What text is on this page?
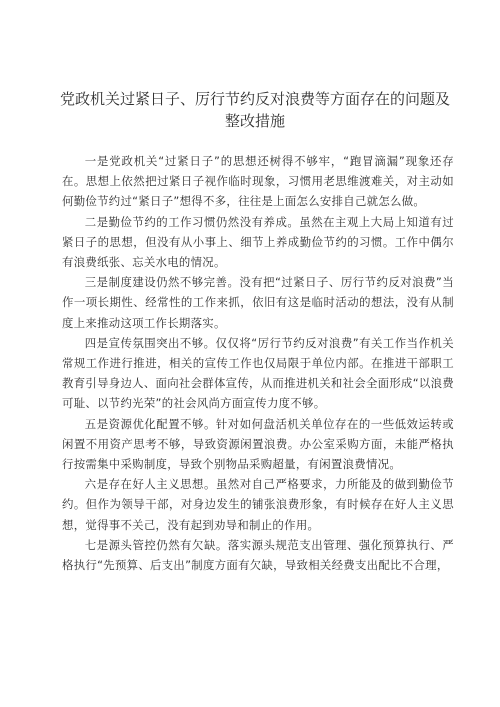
党政机关过紧日子、厉行节约反对浪费等方面存在的问题及整改措施

一是党政机关“过紧日子”的思想还树得不够牢，“跑冒滴漏”现象还存在。思想上依然把过紧日子视作临时现象，习惯用老思维渡难关，对主动如何勤俭节约过“紧日子”想得不多，往往是上面怎么安排自己就怎么做。

二是勤俭节约的工作习惯仍然没有养成。虽然在主观上大局上知道有过紧日子的思想，但没有从小事上、细节上养成勤俭节约的习惯。工作中偶尔有浪费纸张、忘关水电的情况。

三是制度建设仍然不够完善。没有把“过紧日子、厉行节约反对浪费”当作一项长期性、经常性的工作来抓，依旧有这是临时活动的想法，没有从制度上来推动这项工作长期落实。

四是宣传氛围突出不够。仅仅将“厉行节约反对浪费”有关工作当作机关常规工作进行推进，相关的宣传工作也仅局限于单位内部。在推进干部职工教育引导身边人、面向社会群体宣传，从而推进机关和社会全面形成“以浪费可耻、以节约光荣”的社会风尚方面宣传力度不够。

五是资源优化配置不够。针对如何盘活机关单位存在的一些低效运转或闲置不用资产思考不够，导致资源闲置浪费。办公室采购方面，未能严格执行按需集中采购制度，导致个别物品采购超量，有闲置浪费情况。

六是存在好人主义思想。虽然对自己严格要求，力所能及的做到勤俭节约。但作为领导干部，对身边发生的铺张浪费形象，有时候存在好人主义思想，觉得事不关己，没有起到劝导和制止的作用。

七是源头管控仍然有欠缺。落实源头规范支出管理、强化预算执行、严格执行“先预算、后支出”制度方面有欠缺，导致相关经费支出配比不合理，
